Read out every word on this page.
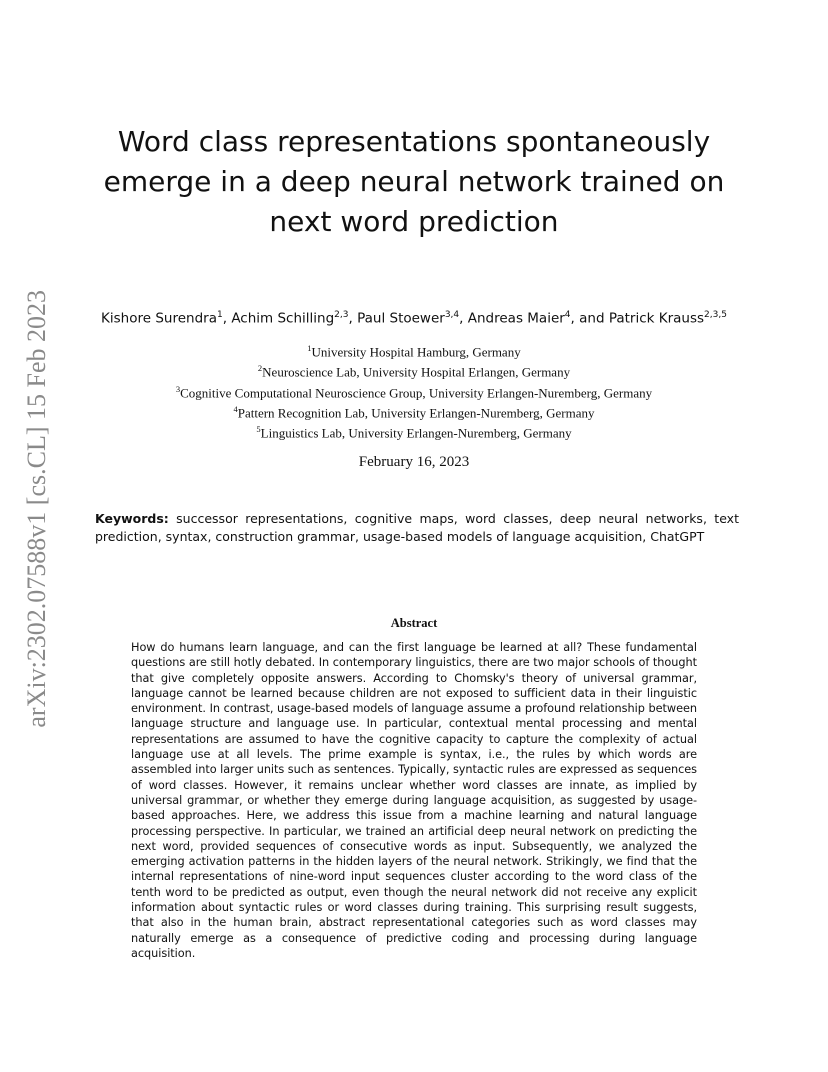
arXiv:2302.07588v1 [cs.CL] 15 Feb 2023
Word class representations spontaneously emerge in a deep neural network trained on next word prediction
Kishore Surendra$^1$, Achim Schilling$^{2,3}$, Paul Stoewer$^{3,4}$, Andreas Maier$^4$, and Patrick Krauss$^{2,3,5}$
$^1$University Hospital Hamburg, Germany
$^2$Neuroscience Lab, University Hospital Erlangen, Germany
$^3$Cognitive Computational Neuroscience Group, University Erlangen-Nuremberg, Germany
$^4$Pattern Recognition Lab, University Erlangen-Nuremberg, Germany
$^5$Linguistics Lab, University Erlangen-Nuremberg, Germany
February 16, 2023
Keywords: successor representations, cognitive maps, word classes, deep neural networks, text prediction, syntax, construction grammar, usage-based models of language acquisition, ChatGPT
Abstract
How do humans learn language, and can the first language be learned at all? These fundamental questions are still hotly debated. In contemporary linguistics, there are two major schools of thought that give completely opposite answers. According to Chomsky's theory of universal grammar, language cannot be learned because children are not exposed to sufficient data in their linguistic environment. In contrast, usage-based models of language assume a profound relationship between language structure and language use. In particular, contextual mental processing and mental representations are assumed to have the cognitive capacity to capture the complexity of actual language use at all levels. The prime example is syntax, i.e., the rules by which words are assembled into larger units such as sentences. Typically, syntactic rules are expressed as sequences of word classes. However, it remains unclear whether word classes are innate, as implied by universal grammar, or whether they emerge during language acquisition, as suggested by usage-based approaches. Here, we address this issue from a machine learning and natural language processing perspective. In particular, we trained an artificial deep neural network on predicting the next word, provided sequences of consecutive words as input. Subsequently, we analyzed the emerging activation patterns in the hidden layers of the neural network. Strikingly, we find that the internal representations of nine-word input sequences cluster according to the word class of the tenth word to be predicted as output, even though the neural network did not receive any explicit information about syntactic rules or word classes during training. This surprising result suggests, that also in the human brain, abstract representational categories such as word classes may naturally emerge as a consequence of predictive coding and processing during language acquisition.
